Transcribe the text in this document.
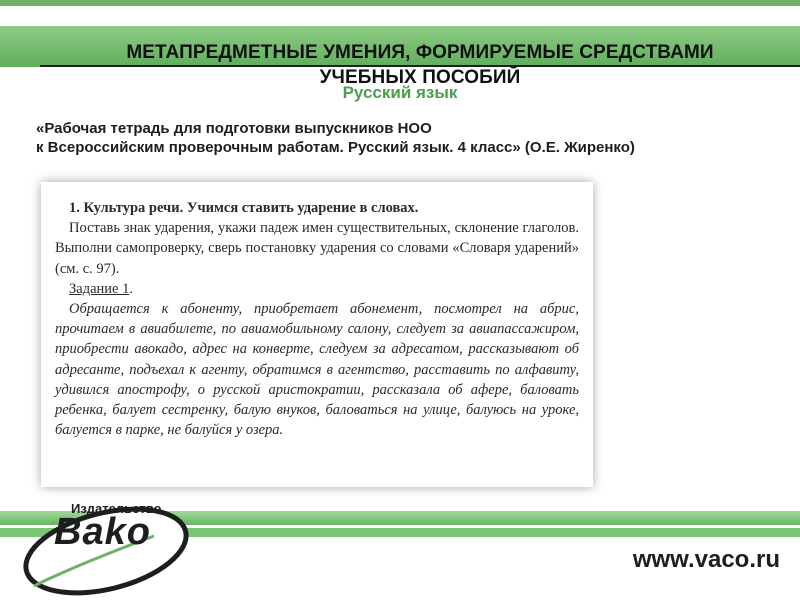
МЕТАПРЕДМЕТНЫЕ УМЕНИЯ, ФОРМИРУЕМЫЕ СРЕДСТВАМИ
УЧЕБНЫХ ПОСОБИЙ
Русский язык
«Рабочая тетрадь для подготовки выпускников НОО
к Всероссийским проверочным работам. Русский язык. 4 класс» (О.Е. Жиренко)

1. Культура речи. Учимся ставить ударение в словах.

Поставь знак ударения, укажи падеж имен существительных, склонение глаголов. Выполни самопроверку, сверь постановку ударения со словами «Словаря ударений» (см. с. 97).

Задание 1.

Обращается к абоненту, приобретает абонемент, посмотрел на абрис, прочитаем в авиабилете, по авиамобильному салону, следует за авиапассажиром, приобрести авокадо, адрес на конверте, следуем за адресатом, рассказывают об адресанте, подъехал к агенту, обратимся в агентство, расставить по алфавиту, удивился апострофу, о русской аристократии, рассказала об афере, баловать ребенка, балует сестренку, балую внуков, баловаться на улице, балуюсь на уроке, балуется в парке, не балуйся у озера.

Издательство
Bako
www.vaco.ru
